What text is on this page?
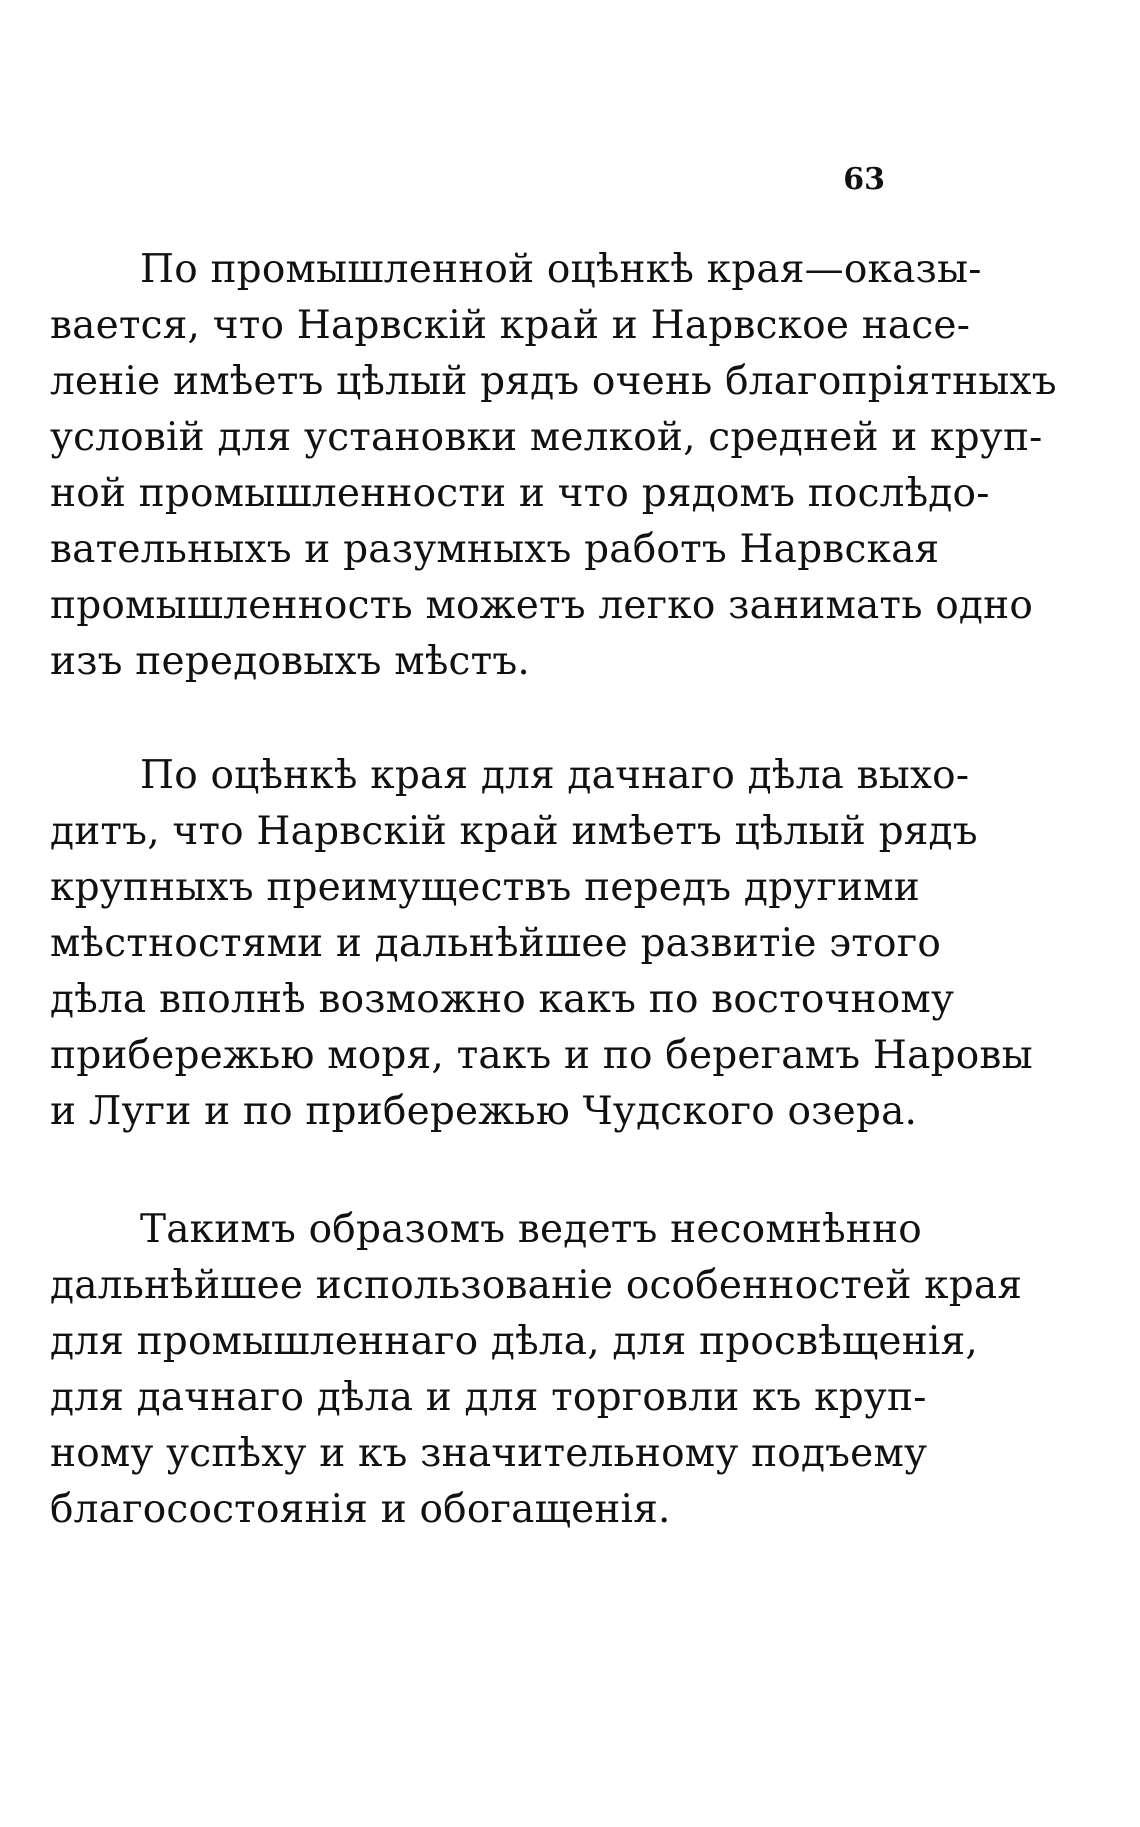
63
По промышленной оцѣнкѣ края—оказы-
вается, что Нарвскій край и Нарвское насе-
леніе имѣетъ цѣлый рядъ очень благопріятныхъ
условій для установки мелкой, средней и круп-
ной промышленности и что рядомъ послѣдо-
вательныхъ и разумныхъ работъ Нарвская
промышленность можетъ легко занимать одно
изъ передовыхъ мѣстъ.
По оцѣнкѣ края для дачнаго дѣла выхо-
дитъ, что Нарвскій край имѣетъ цѣлый рядъ
крупныхъ преимуществъ передъ другими
мѣстностями и дальнѣйшее развитіе этого
дѣла вполнѣ возможно какъ по восточному
прибережью моря, такъ и по берегамъ Наровы
и Луги и по прибережью Чудского озера.
Такимъ образомъ ведетъ несомнѣнно
дальнѣйшее использованіе особенностей края
для промышленнаго дѣла, для просвѣщенія,
для дачнаго дѣла и для торговли къ круп-
ному успѣху и къ значительному подъему
благосостоянія и обогащенія.
